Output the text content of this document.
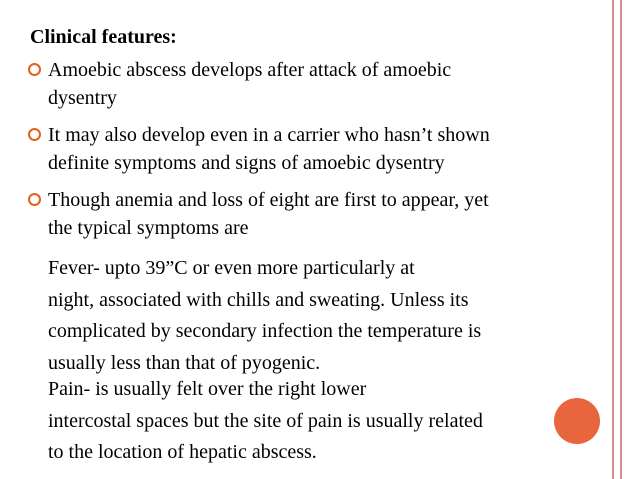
Clinical features:
Amoebic abscess develops after attack of amoebic
dysentry
It may also develop even in a carrier who hasn’t shown
definite symptoms and signs of amoebic dysentry
Though anemia and loss of eight are first to appear, yet
the typical symptoms are
Fever- upto 39”C or even more particularly at
night, associated with chills and sweating. Unless its
complicated by secondary infection the temperature is
usually less than that of pyogenic.
Pain- is usually felt over the right lower
intercostal spaces but the site of pain is usually related
to the location of hepatic abscess.
